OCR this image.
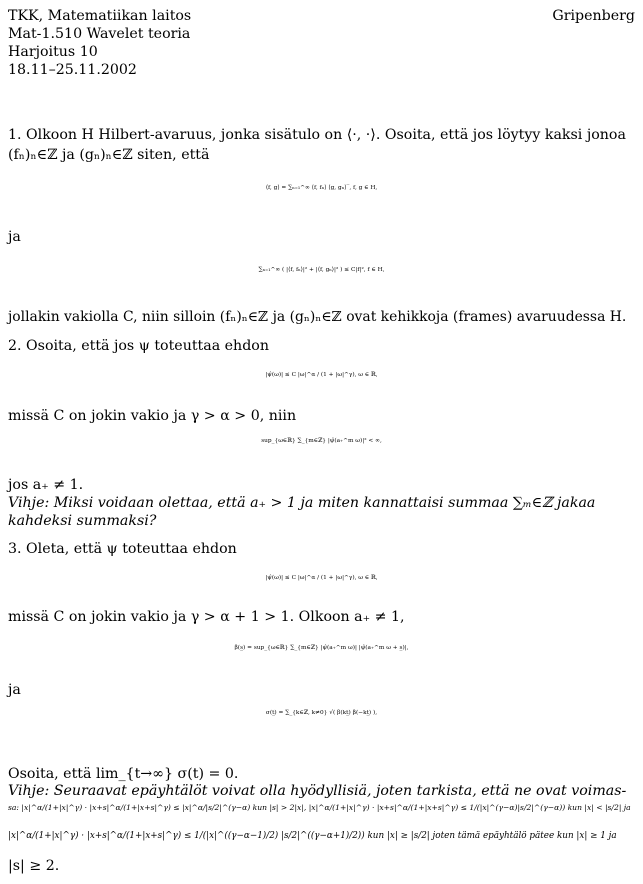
TKK, Matematiikan laitos
Mat-1.510 Wavelet teoria
Harjoitus 10
18.11–25.11.2002
Gripenberg
1. Olkoon H Hilbert-avaruus, jonka sisätulo on ⟨·, ·⟩. Osoita, että jos löytyy kaksi jonoa
(fₙ)ₙ∈ℤ ja (gₙ)ₙ∈ℤ siten, että
⟨f, g⟩ = ∑ₙ₌₁^∞ ⟨f, fₙ⟩ ⟨g, gₙ⟩‾, f, g ∈ H,
ja
∑ₙ₌₁^∞ ( |⟨f, fₙ⟩|² + |⟨f, gₙ⟩|² ) ≤ C|f|², f ∈ H,
jollakin vakiolla C, niin silloin (fₙ)ₙ∈ℤ ja (gₙ)ₙ∈ℤ ovat kehikkoja (frames) avaruudessa H.
2. Osoita, että jos ψ toteuttaa ehdon
|ψ̂(ω)| ≤ C |ω|^α / (1 + |ω|^γ), ω ∈ ℝ,
missä C on jokin vakio ja γ > α > 0, niin
sup_{ω∈ℝ} ∑_{m∈ℤ} |ψ̂(a₊^m ω)|² < ∞,
jos a₊ ≠ 1.
Vihje: Miksi voidaan olettaa, että a₊ > 1 ja miten kannattaisi summaa ∑ₘ∈ℤ jakaa
kahdeksi summaksi?
3. Oleta, että ψ toteuttaa ehdon
|ψ̂(ω)| ≤ C |ω|^α / (1 + |ω|^γ), ω ∈ ℝ,
missä C on jokin vakio ja γ > α + 1 > 1. Olkoon a₊ ≠ 1,
β(s̲) = sup_{ω∈ℝ} ∑_{m∈ℤ} |ψ̂(a₊^m ω)| |ψ̂(a₊^m ω + s̲)|,
ja
σ(t̲) = ∑_{k∈ℤ, k≠0} √( β(kt̲) β(−kt̲) ),
Osoita, että lim_{t→∞} σ(t) = 0.
Vihje: Seuraavat epäyhtälöt voivat olla hyödyllisiä, joten tarkista, että ne ovat voimas-
sa: |x|^α/(1+|x|^γ) · |x+s|^α/(1+|x+s|^γ) ≤ |x|^α/|s/2|^(γ−α) kun |s| > 2|x|, |x|^α/(1+|x|^γ) · |x+s|^α/(1+|x+s|^γ) ≤ 1/(|x|^(γ−α)|s/2|^(γ−α)) kun |x| < |s/2| ja
|x|^α/(1+|x|^γ) · |x+s|^α/(1+|x+s|^γ) ≤ 1/(|x|^((γ−α−1)/2) |s/2|^((γ−α+1)/2)) kun |x| ≥ |s/2| joten tämä epäyhtälö pätee kun |x| ≥ 1 ja
|s| ≥ 2.
